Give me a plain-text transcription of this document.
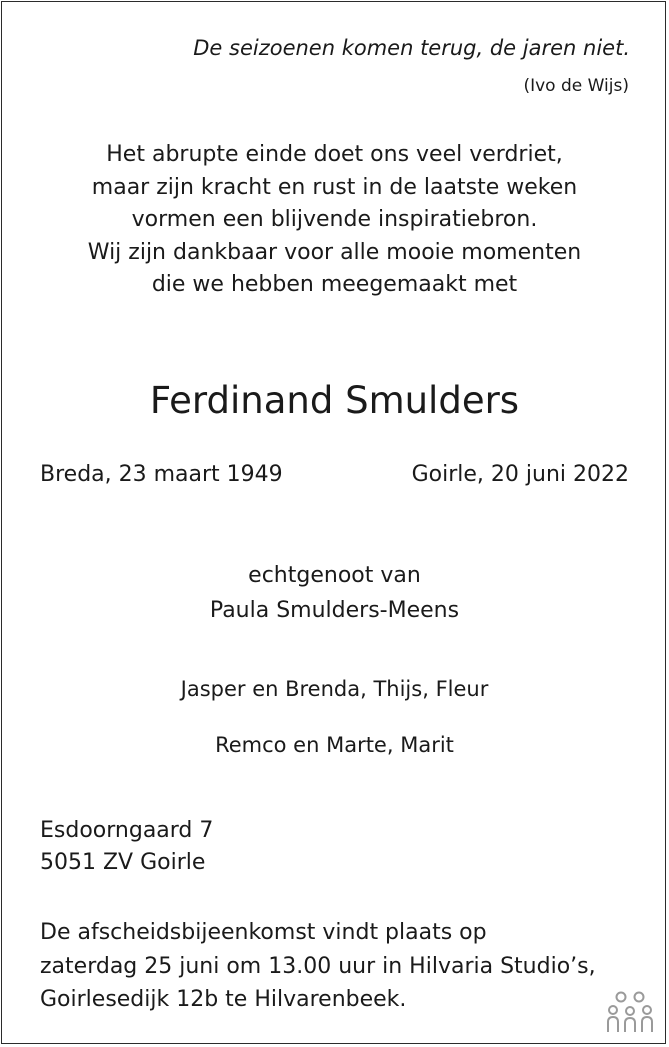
De seizoenen komen terug, de jaren niet.
(Ivo de Wijs)
Het abrupte einde doet ons veel verdriet,
maar zijn kracht en rust in de laatste weken
vormen een blijvende inspiratiebron.
Wij zijn dankbaar voor alle mooie momenten
die we hebben meegemaakt met
Ferdinand Smulders
Breda, 23 maart 1949	Goirle, 20 juni 2022
echtgenoot van
Paula Smulders-Meens
Jasper en Brenda, Thijs, Fleur
Remco en Marte, Marit
Esdoorngaard 7
5051 ZV Goirle
De afscheidsbijeenkomst vindt plaats op
zaterdag 25 juni om 13.00 uur in Hilvaria Studio’s,
Goirlesedijk 12b te Hilvarenbeek.
